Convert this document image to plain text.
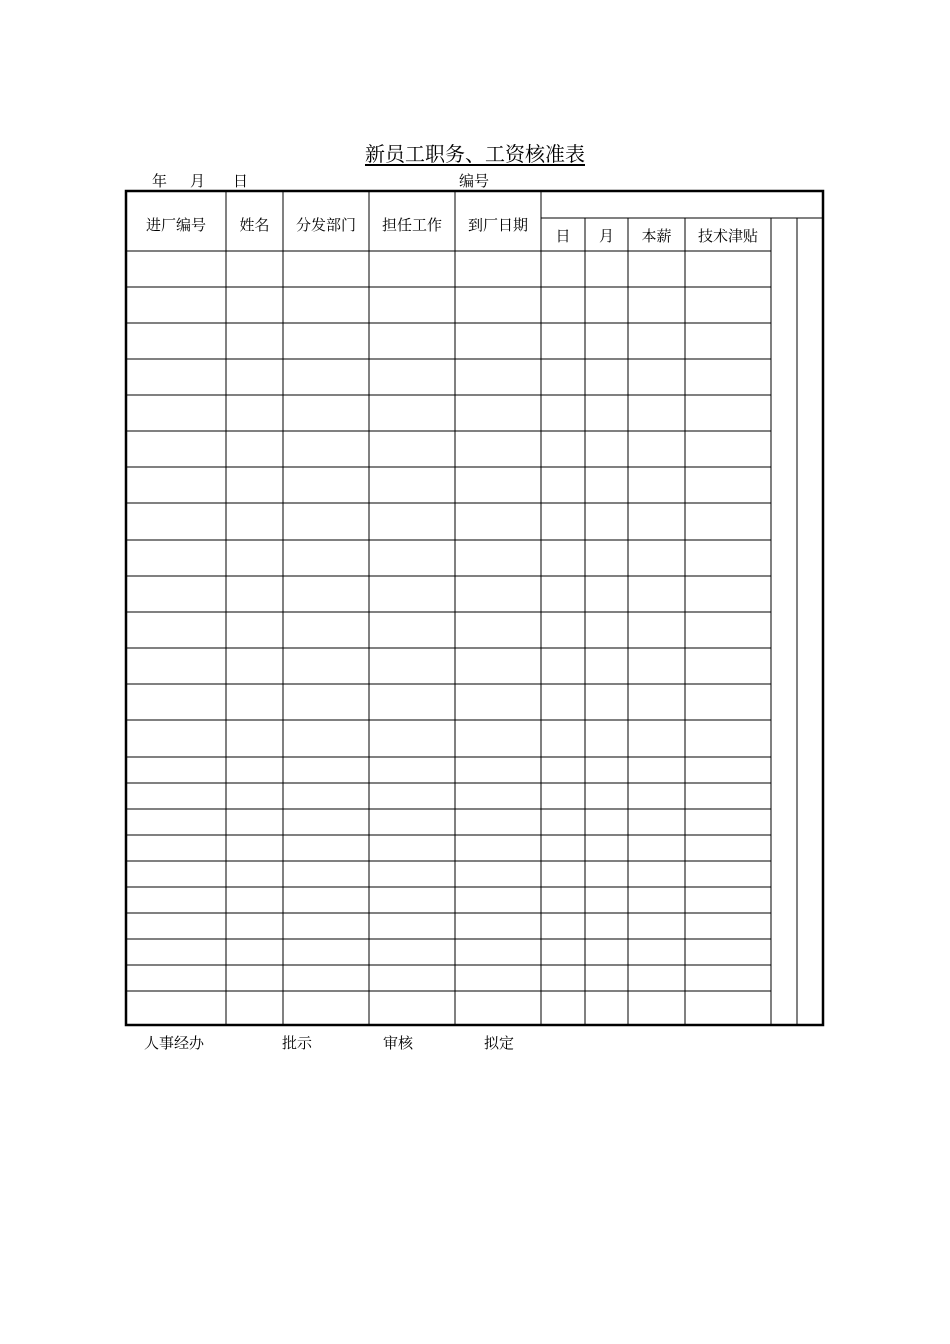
新员工职务、工资核准表
年 月 日	编号
进厂编号 姓名 分发部门 担任工作 到厂日期
日 月 本薪 技术津贴
人事经办	批示	审核	拟定
